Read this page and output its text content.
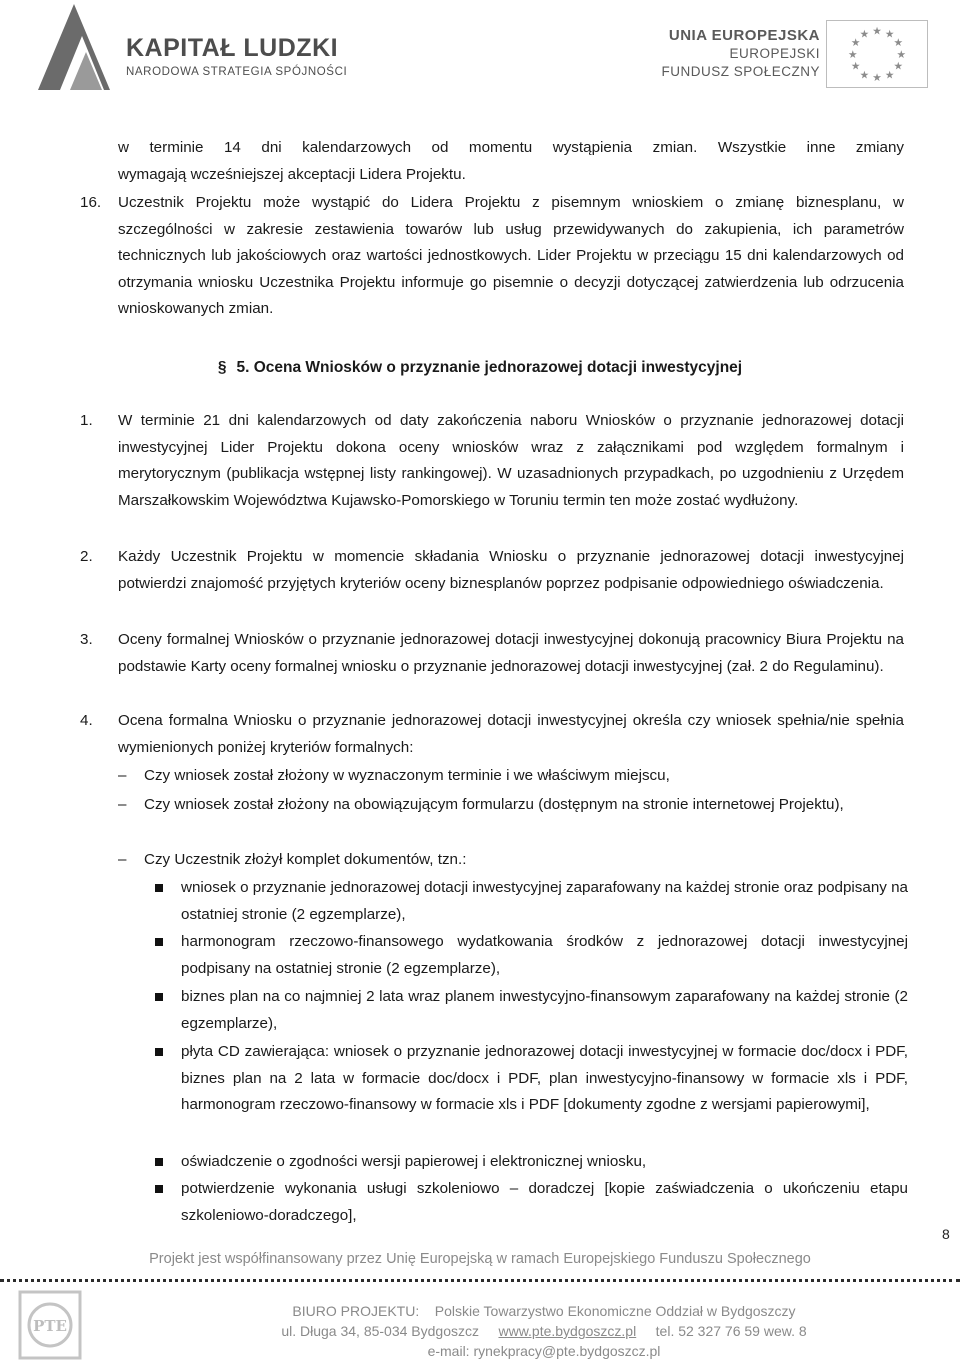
KAPITAŁ LUDZKI
NARODOWA STRATEGIA SPÓJNOŚCI
UNIA EUROPEJSKA
EUROPEJSKI
FUNDUSZ SPOŁECZNY
★ ★
★
★
★
★
★
★
★
★
★
★
w terminie 14 dni kalendarzowych od momentu wystąpienia zmian. Wszystkie inne zmiany
wymagają wcześniejszej akceptacji Lidera Projektu.
16. Uczestnik Projektu może wystąpić do Lidera Projektu z pisemnym wnioskiem o zmianę biznesplanu, w szczególności w zakresie zestawienia towarów lub usług przewidywanych do zakupienia, ich parametrów technicznych lub jakościowych oraz wartości jednostkowych. Lider Projektu w przeciągu 15 dni kalendarzowych od otrzymania wniosku Uczestnika Projektu informuje go pisemnie o decyzji dotyczącej zatwierdzenia lub odrzucenia wnioskowanych zmian.
§ 5. Ocena Wniosków o przyznanie jednorazowej dotacji inwestycyjnej
1. W terminie 21 dni kalendarzowych od daty zakończenia naboru Wniosków o przyznanie jednorazowej dotacji inwestycyjnej Lider Projektu dokona oceny wniosków wraz z załącznikami pod względem formalnym i merytorycznym (publikacja wstępnej listy rankingowej). W uzasadnionych przypadkach, po uzgodnieniu z Urzędem Marszałkowskim Województwa Kujawsko-Pomorskiego w Toruniu termin ten może zostać wydłużony.
2. Każdy Uczestnik Projektu w momencie składania Wniosku o przyznanie jednorazowej dotacji inwestycyjnej potwierdzi znajomość przyjętych kryteriów oceny biznesplanów poprzez podpisanie odpowiedniego oświadczenia.
3. Oceny formalnej Wniosków o przyznanie jednorazowej dotacji inwestycyjnej dokonują pracownicy Biura Projektu na podstawie Karty oceny formalnej wniosku o przyznanie jednorazowej dotacji inwestycyjnej (zał. 2 do Regulaminu).
4. Ocena formalna Wniosku o przyznanie jednorazowej dotacji inwestycyjnej określa czy wniosek spełnia/nie spełnia wymienionych poniżej kryteriów formalnych:
–	Czy wniosek został złożony w wyznaczonym terminie i we właściwym miejscu,
–	Czy wniosek został złożony na obowiązującym formularzu (dostępnym na stronie internetowej Projektu),
–	Czy Uczestnik złożył komplet dokumentów, tzn.:
wniosek o przyznanie jednorazowej dotacji inwestycyjnej zaparafowany na każdej stronie oraz podpisany na ostatniej stronie (2 egzemplarze),
harmonogram rzeczowo-finansowego wydatkowania środków z jednorazowej dotacji inwestycyjnej podpisany na ostatniej stronie (2 egzemplarze),
biznes plan na co najmniej 2 lata wraz planem inwestycyjno-finansowym zaparafowany na każdej stronie (2 egzemplarze),
płyta CD zawierająca: wniosek o przyznanie jednorazowej dotacji inwestycyjnej w formacie doc/docx i PDF, biznes plan na 2 lata w formacie doc/docx i PDF, plan inwestycyjno-finansowy w formacie xls i PDF, harmonogram rzeczowo-finansowy w formacie xls i PDF [dokumenty zgodne z wersjami papierowymi],
oświadczenie o zgodności wersji papierowej i elektronicznej wniosku,
potwierdzenie wykonania usługi szkoleniowo – doradczej [kopie zaświadczenia o ukończeniu etapu szkoleniowo-doradczego],
8
Projekt jest współfinansowany przez Unię Europejską w ramach Europejskiego Funduszu Społecznego
PTE
BIURO PROJEKTU: Polskie Towarzystwo Ekonomiczne Oddział w Bydgoszczy
ul. Długa 34, 85-034 Bydgoszcz www.pte.bydgoszcz.pl tel. 52 327 76 59 wew. 8
e-mail: rynekpracy@pte.bydgoszcz.pl
